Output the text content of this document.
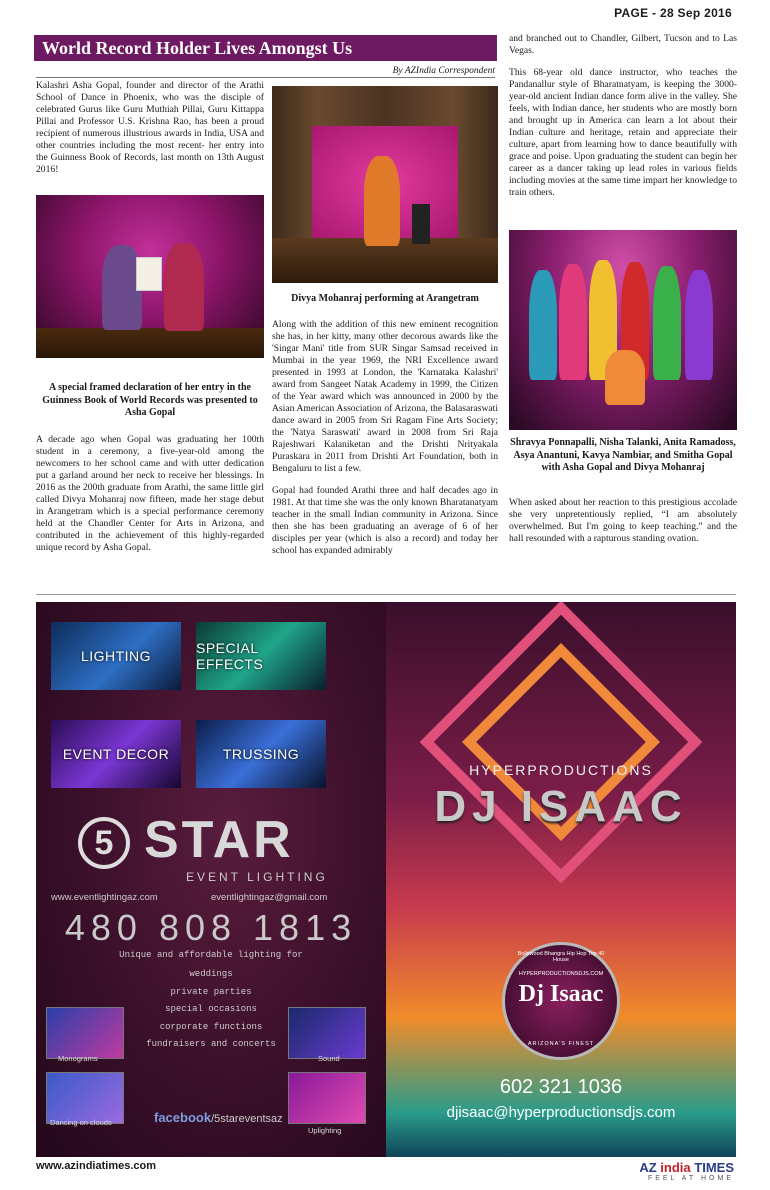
PAGE - 28 Sep 2016
World Record Holder Lives Amongst Us
By AZIndia Correspondent

Kalashri Asha Gopal, founder and director of the Arathi School of Dance in Phoenix, who was the disciple of celebrated Gurus like Guru Muthiah Pillai, Guru Kittappa Pillai and Professor U.S. Krishna Rao, has been a proud recipient of numerous illustrious awards in India, USA and other countries including the most recent- her entry into the Guinness Book of Records, last month on 13th August 2016!

A special framed declaration of her entry in the Guinness Book of World Records was presented to Asha Gopal

A decade ago when Gopal was graduating her 100th student in a ceremony, a five-year-old among the newcomers to her school came and with utter dedication put a garland around her neck to receive her blessings. In 2016 as the 200th graduate from Arathi, the same little girl called Divya Mohanraj now fifteen, made her stage debut in Arangetram which is a special performance ceremony held at the Chandler Center for Arts in Arizona, and contributed in the achievement of this highly-regarded unique record by Asha Gopal.

Divya Mohanraj performing at Arangetram

Along with the addition of this new eminent recognition she has, in her kitty, many other decorous awards like the 'Singar Mani' title from SUR Singar Samsad received in Mumbai in the year 1969, the NRI Excellence award presented in 1993 at London, the 'Karnataka Kalashri' award from Sangeet Natak Academy in 1999, the Citizen of the Year award which was announced in 2000 by the Asian American Association of Arizona, the Balasaraswati dance award in 2005 from Sri Ragam Fine Arts Society; the 'Natya Saraswati' award in 2008 from Sri Raja Rajeshwari Kalaniketan and the Drishti Nrityakala Puraskara in 2011 from Drishti Art Foundation, both in Bengaluru to list a few.

Gopal had founded Arathi three and half decades ago in 1981. At that time she was the only known Bharatanatyam teacher in the small Indian community in Arizona. Since then she has been graduating an average of 6 of her disciples per year (which is also a record) and today her school has expanded admirably

and branched out to Chandler, Gilbert, Tucson and to Las Vegas.

This 68-year old dance instructor, who teaches the Pandanallur style of Bharatnatyam, is keeping the 3000-year-old ancient Indian dance form alive in the valley. She feels, with Indian dance, her students who are mostly born and brought up in America can learn a lot about their Indian culture and heritage, retain and appreciate their culture, apart from learning how to dance beautifully with grace and poise. Upon graduating the student can begin her career as a dancer taking up lead roles in various fields including movies at the same time impart her knowledge to train others.

Shravya Ponnapalli, Nisha Talanki, Anita Ramadoss, Asya Anantuni, Kavya Nambiar, and Smitha Gopal with Asha Gopal and Divya Mohanraj

When asked about her reaction to this prestigious accolade she very unpretentiously replied, “I am absolutely overwhelmed. But I'm going to keep teaching.” and the hall resounded with a rapturous standing ovation.

LIGHTING	SPECIAL EFFECTS
EVENT DECOR	TRUSSING
5 STAR
EVENT LIGHTING
www.eventlightingaz.com	eventlightingaz@gmail.com
480 808 1813
Unique and affordable lighting for
weddings
private parties
special occasions
corporate functions
fundraisers and concerts
Monograms	Sound
Dancing on clouds
Uplighting
facebook/5stareventsaz
HYPERPRODUCTIONS
DJ ISAAC
Bollywood Bhangra Hip Hop Top 40 House
HYPERPRODUCTIONSDJS.COM
Dj Isaac
ARIZONA'S FINEST
602 321 1036
djisaac@hyperproductionsdjs.com
www.azindiatimes.com	AZ india TIMES
FEEL AT HOME
